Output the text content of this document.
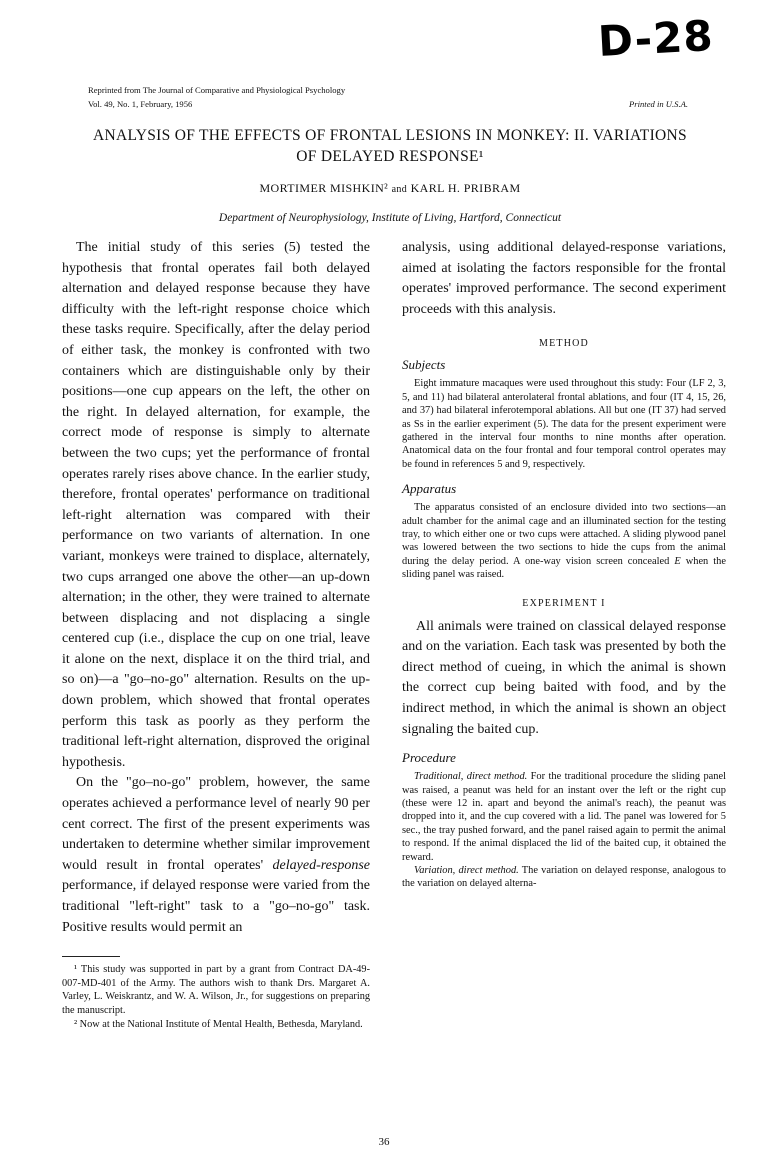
D-28
Reprinted from The Journal of Comparative and Physiological Psychology
Vol. 49, No. 1, February, 1956	Printed in U.S.A.
ANALYSIS OF THE EFFECTS OF FRONTAL LESIONS IN MONKEY: II. VARIATIONS
OF DELAYED RESPONSE¹
MORTIMER MISHKIN² and KARL H. PRIBRAM
Department of Neurophysiology, Institute of Living, Hartford, Connecticut

The initial study of this series (5) tested the hypothesis that frontal operates fail both delayed alternation and delayed response because they have difficulty with the left-right response choice which these tasks require. Specifically, after the delay period of either task, the monkey is confronted with two containers which are distinguishable only by their positions—one cup appears on the left, the other on the right. In delayed alternation, for example, the correct mode of response is simply to alternate between the two cups; yet the performance of frontal operates rarely rises above chance. In the earlier study, therefore, frontal operates' performance on traditional left-right alternation was compared with their performance on two variants of alternation. In one variant, monkeys were trained to displace, alternately, two cups arranged one above the other—an up-down alternation; in the other, they were trained to alternate between displacing and not displacing a single centered cup (i.e., displace the cup on one trial, leave it alone on the next, displace it on the third trial, and so on)—a "go–no-go" alternation. Results on the up-down problem, which showed that frontal operates perform this task as poorly as they perform the traditional left-right alternation, disproved the original hypothesis.

On the "go–no-go" problem, however, the same operates achieved a performance level of nearly 90 per cent correct. The first of the present experiments was undertaken to determine whether similar improvement would result in frontal operates' delayed-response performance, if delayed response were varied from the traditional "left-right" task to a "go–no-go" task. Positive results would permit an

¹ This study was supported in part by a grant from Contract DA-49-007-MD-401 of the Army. The authors wish to thank Drs. Margaret A. Varley, L. Weiskrantz, and W. A. Wilson, Jr., for suggestions on preparing the manuscript.

² Now at the National Institute of Mental Health, Bethesda, Maryland.

analysis, using additional delayed-response variations, aimed at isolating the factors responsible for the frontal operates' improved performance. The second experiment proceeds with this analysis.

METHOD
Subjects

Eight immature macaques were used throughout this study: Four (LF 2, 3, 5, and 11) had bilateral anterolateral frontal ablations, and four (IT 4, 15, 26, and 37) had bilateral inferotemporal ablations. All but one (IT 37) had served as Ss in the earlier experiment (5). The data for the present experiment were gathered in the interval four months to nine months after operation. Anatomical data on the four frontal and four temporal control operates may be found in references 5 and 9, respectively.

Apparatus

The apparatus consisted of an enclosure divided into two sections—an adult chamber for the animal cage and an illuminated section for the testing tray, to which either one or two cups were attached. A sliding plywood panel was lowered between the two sections to hide the cups from the animal during the delay period. A one-way vision screen concealed E when the sliding panel was raised.

EXPERIMENT I

All animals were trained on classical delayed response and on the variation. Each task was presented by both the direct method of cueing, in which the animal is shown the correct cup being baited with food, and by the indirect method, in which the animal is shown an object signaling the baited cup.

Procedure

Traditional, direct method. For the traditional procedure the sliding panel was raised, a peanut was held for an instant over the left or the right cup (these were 12 in. apart and beyond the animal's reach), the peanut was dropped into it, and the cup covered with a lid. The panel was lowered for 5 sec., the tray pushed forward, and the panel raised again to permit the animal to respond. If the animal displaced the lid of the baited cup, it obtained the reward.

Variation, direct method. The variation on delayed response, analogous to the variation on delayed alterna-

36
